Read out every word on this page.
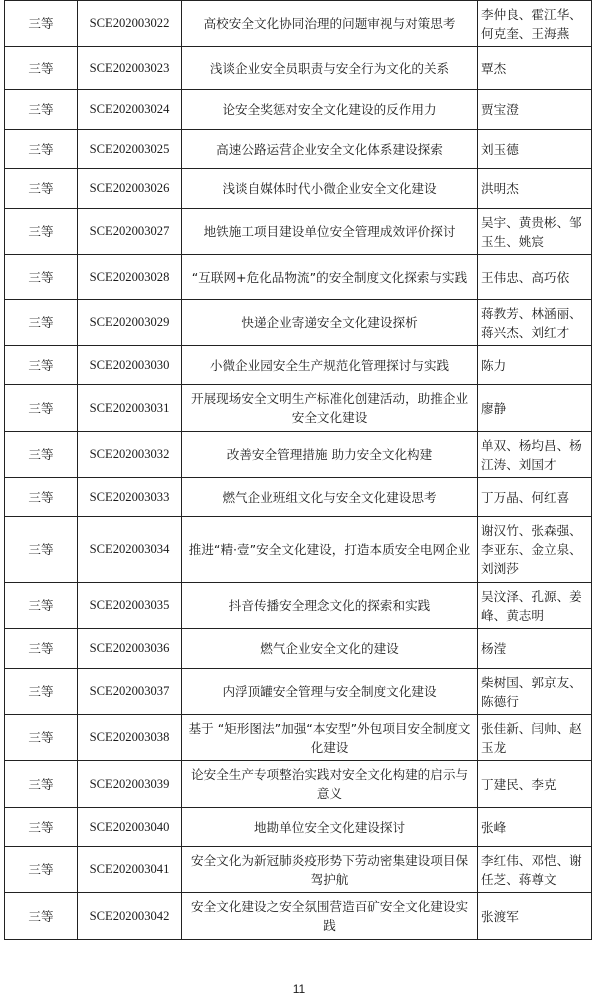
三等	SCE202003022	高校安全文化协同治理的问题审视与对策思考	李仲良、霍江华、何克奎、王海燕
三等	SCE202003023	浅谈企业安全员职责与安全行为文化的关系	覃杰
三等	SCE202003024	论安全奖惩对安全文化建设的反作用力	贾宝澄
三等	SCE202003025	高速公路运营企业安全文化体系建设探索	刘玉德
三等	SCE202003026	浅谈自媒体时代小微企业安全文化建设	洪明杰
三等	SCE202003027	地铁施工项目建设单位安全管理成效评价探讨	吴宇、黄贵彬、邹玉生、姚宸
三等	SCE202003028	“互联网+危化品物流”的安全制度文化探索与实践	王伟忠、高巧依
三等	SCE202003029	快递企业寄递安全文化建设探析	蒋教芳、林涵丽、蒋兴杰、刘红才
三等	SCE202003030	小微企业园安全生产规范化管理探讨与实践	陈力
三等	SCE202003031	开展现场安全文明生产标准化创建活动，助推企业安全文化建设	廖静
三等	SCE202003032	改善安全管理措施 助力安全文化构建	单双、杨均昌、杨江涛、刘国才
三等	SCE202003033	燃气企业班组文化与安全文化建设思考	丁万晶、何红喜
三等	SCE202003034	推进“精·壹”安全文化建设，打造本质安全电网企业	谢汉竹、张森强、李亚东、金立泉、刘浏莎
三等	SCE202003035	抖音传播安全理念文化的探索和实践	吴汶泽、孔源、姜峰、黄志明
三等	SCE202003036	燃气企业安全文化的建设	杨滢
三等	SCE202003037	内浮顶罐安全管理与安全制度文化建设	柴树国、郭京友、陈德行
三等	SCE202003038	基于 “矩形图法”加强“本安型”外包项目安全制度文化建设	张佳新、闫帅、赵玉龙
三等	SCE202003039	论安全生产专项整治实践对安全文化构建的启示与意义	丁建民、李克
三等	SCE202003040	地勘单位安全文化建设探讨	张峰
三等	SCE202003041	安全文化为新冠肺炎疫形势下劳动密集建设项目保驾护航	李红伟、邓恺、谢任芝、蒋尊文
三等	SCE202003042	安全文化建设之安全氛围营造百矿安全文化建设实践	张渡军
11
